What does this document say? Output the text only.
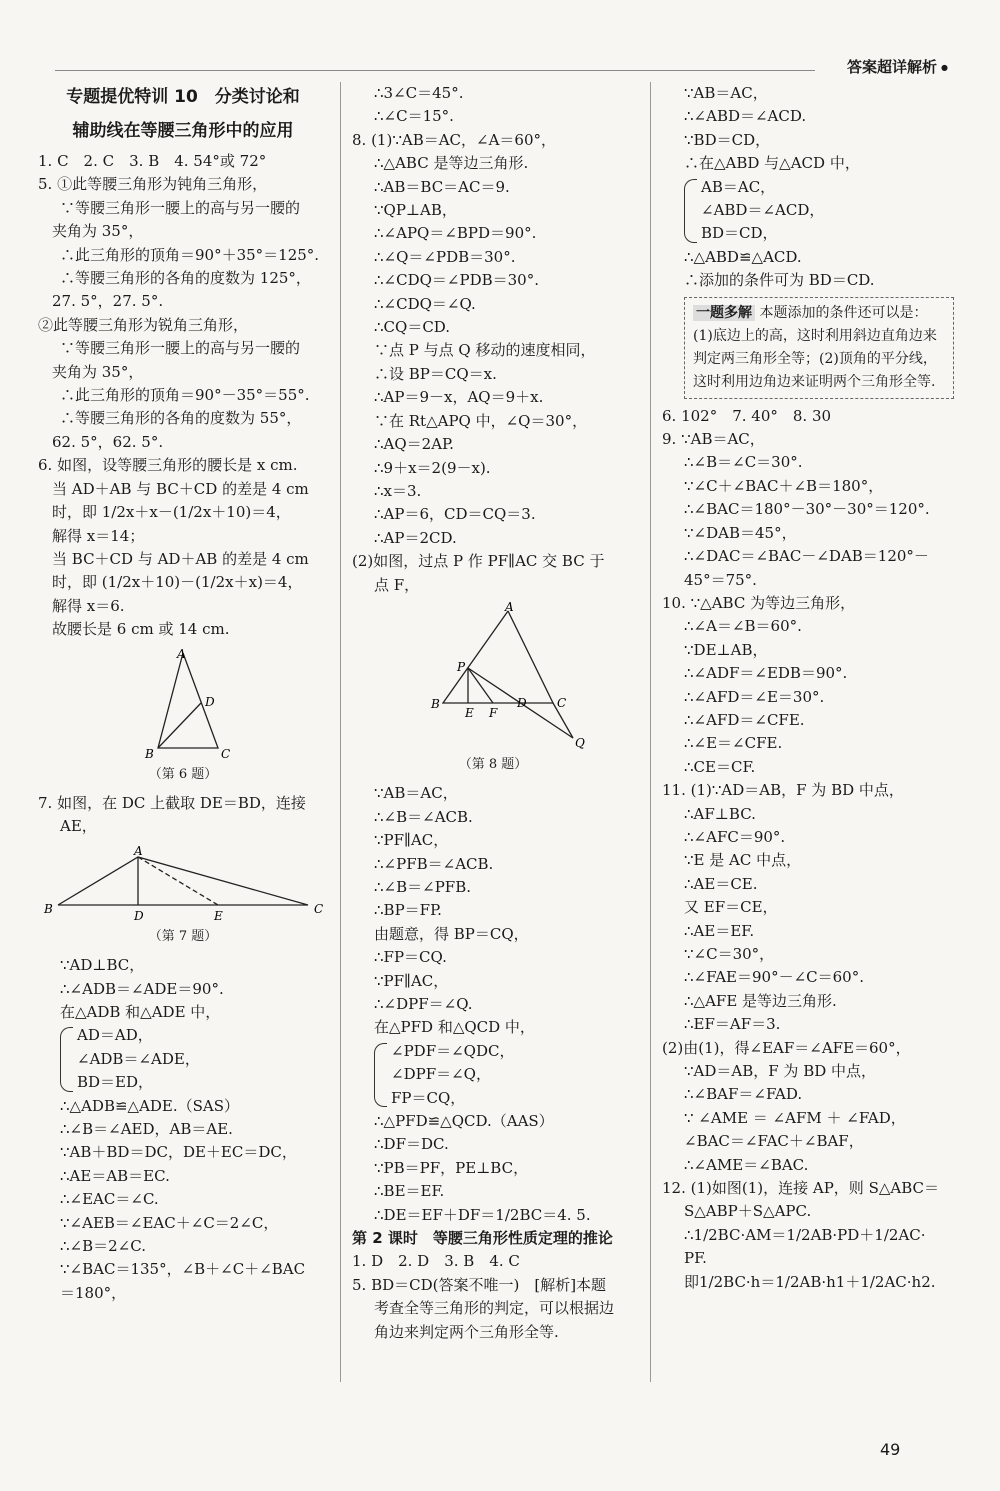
答案超详解析 ●

专题提优特训 10　分类讨论和

辅助线在等腰三角形中的应用

1. C　2. C　3. B　4. 54°或 72°

5. ①此等腰三角形为钝角三角形，

∵等腰三角形一腰上的高与另一腰的

夹角为 35°，

∴此三角形的顶角＝90°＋35°＝125°.

∴等腰三角形的各角的度数为 125°，

27. 5°，27. 5°.

②此等腰三角形为锐角三角形，

∵等腰三角形一腰上的高与另一腰的

夹角为 35°，

∴此三角形的顶角＝90°－35°＝55°.

∴等腰三角形的各角的度数为 55°，

62. 5°，62. 5°.

6. 如图，设等腰三角形的腰长是 x cm.

当 AD＋AB 与 BC＋CD 的差是 4 cm

时，即 1/2x＋x－(1/2x＋10)＝4，

解得 x＝14；

当 BC＋CD 与 AD＋AB 的差是 4 cm

时，即 (1/2x＋10)－(1/2x＋x)＝4，

解得 x＝6.

故腰长是 6 cm 或 14 cm.

A
D
B	C
（第 6 题）

7. 如图，在 DC 上截取 DE＝BD，连接

AE，

A
B	D	E	C
（第 7 题）

∵AD⊥BC，

∴∠ADB＝∠ADE＝90°.

在△ADB 和△ADE 中，

AD＝AD，

∠ADB＝∠ADE，

BD＝ED，

∴△ADB≌△ADE.（SAS）

∴∠B＝∠AED，AB＝AE.

∵AB＋BD＝DC，DE＋EC＝DC，

∴AE＝AB＝EC.

∴∠EAC＝∠C.

∵∠AEB＝∠EAC＋∠C＝2∠C，

∴∠B＝2∠C.

∵∠BAC＝135°，∠B＋∠C＋∠BAC

＝180°，

∴3∠C＝45°.

∴∠C＝15°.

8. (1)∵AB＝AC，∠A＝60°，

∴△ABC 是等边三角形.

∴AB＝BC＝AC＝9.

∵QP⊥AB，

∴∠APQ＝∠BPD＝90°.

∴∠Q＝∠PDB＝30°.

∴∠CDQ＝∠PDB＝30°.

∴∠CDQ＝∠Q.

∴CQ＝CD.

∵点 P 与点 Q 移动的速度相同，

∴设 BP＝CQ＝x.

∴AP＝9－x，AQ＝9＋x.

∵在 Rt△APQ 中，∠Q＝30°，

∴AQ＝2AP.

∴9＋x＝2(9－x).

∴x＝3.

∴AP＝6，CD＝CQ＝3.

∴AP＝2CD.

(2)如图，过点 P 作 PF∥AC 交 BC 于

点 F，

A
P
B
E F
D	C
Q
（第 8 题）

∵AB＝AC，

∴∠B＝∠ACB.

∵PF∥AC，

∴∠PFB＝∠ACB.

∴∠B＝∠PFB.

∴BP＝FP.

由题意，得 BP＝CQ，

∴FP＝CQ.

∵PF∥AC，

∴∠DPF＝∠Q.

在△PFD 和△QCD 中，

∠PDF＝∠QDC，

∠DPF＝∠Q，

FP＝CQ，

∴△PFD≌△QCD.（AAS）

∴DF＝DC.

∵PB＝PF，PE⊥BC，

∴BE＝EF.

∴DE＝EF＋DF＝1/2BC＝4. 5.

第 2 课时　等腰三角形性质定理的推论

1. D　2. D　3. B　4. C

5. BD＝CD(答案不唯一)　[解析]本题

考查全等三角形的判定，可以根据边

角边来判定两个三角形全等.

∵AB＝AC，

∴∠ABD＝∠ACD.

∵BD＝CD，

∴在△ABD 与△ACD 中，

AB＝AC，

∠ABD＝∠ACD，

BD＝CD，

∴△ABD≌△ACD.

∴添加的条件可为 BD＝CD.

一题多解 本题添加的条件还可以是：(1)底边上的高，这时利用斜边直角边来判定两三角形全等；(2)顶角的平分线，这时利用边角边来证明两个三角形全等.

6. 102°　7. 40°　8. 30

9. ∵AB＝AC，

∴∠B＝∠C＝30°.

∵∠C＋∠BAC＋∠B＝180°，

∴∠BAC＝180°－30°－30°＝120°.

∵∠DAB＝45°，

∴∠DAC＝∠BAC－∠DAB＝120°－

45°＝75°.

10. ∵△ABC 为等边三角形，

∴∠A＝∠B＝60°.

∵DE⊥AB，

∴∠ADF＝∠EDB＝90°.

∴∠AFD＝∠E＝30°.

∴∠AFD＝∠CFE.

∴∠E＝∠CFE.

∴CE＝CF.

11. (1)∵AD＝AB，F 为 BD 中点，

∴AF⊥BC.

∴∠AFC＝90°.

∵E 是 AC 中点，

∴AE＝CE.

又 EF＝CE，

∴AE＝EF.

∵∠C＝30°，

∴∠FAE＝90°－∠C＝60°.

∴△AFE 是等边三角形.

∴EF＝AF＝3.

(2)由(1)，得∠EAF＝∠AFE＝60°，

∵AD＝AB，F 为 BD 中点，

∴∠BAF＝∠FAD.

∵ ∠AME ＝ ∠AFM ＋ ∠FAD，

∠BAC＝∠FAC＋∠BAF，

∴∠AME＝∠BAC.

12. (1)如图(1)，连接 AP，则 S△ABC＝

S△ABP＋S△APC.

∴1/2BC·AM＝1/2AB·PD＋1/2AC·

PF.

即1/2BC·h＝1/2AB·h1＋1/2AC·h2.

49
